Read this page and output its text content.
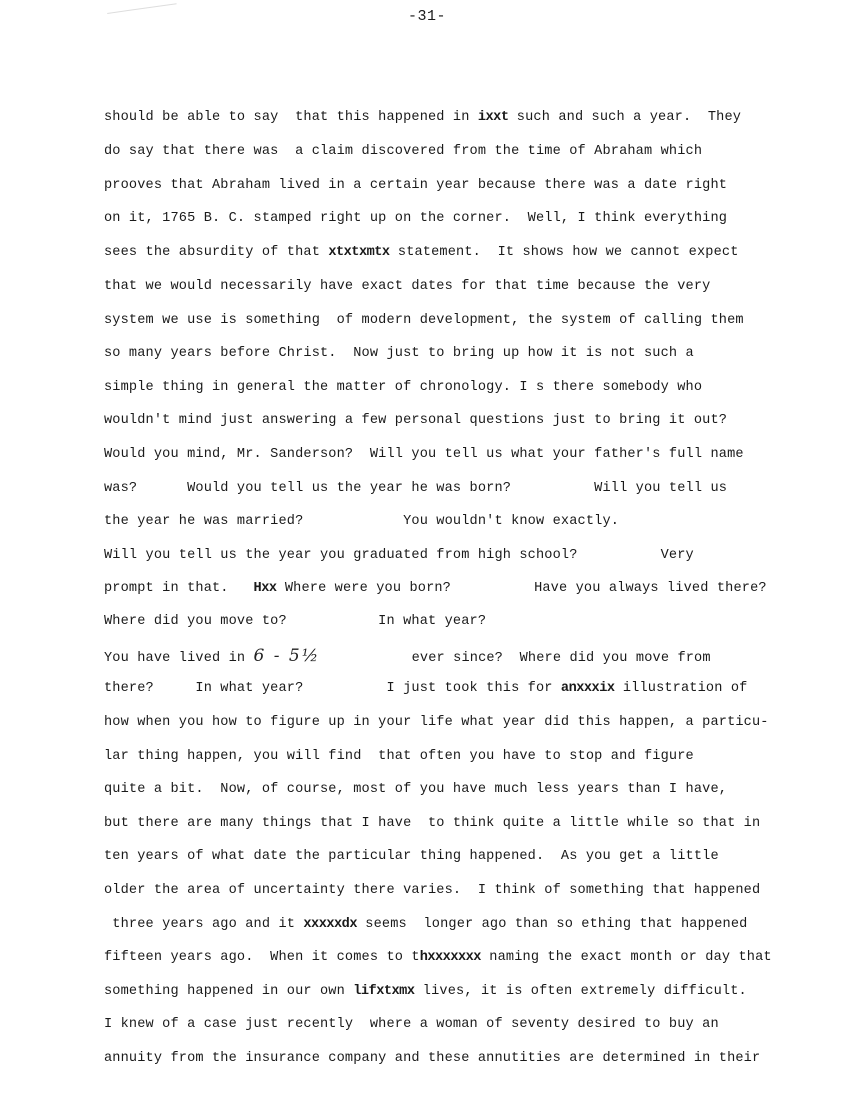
-31-
should be able to say  that this happened in ixxt such and such a year.  They
do say that there was  a claim discovered from the time of Abraham which
prooves that Abraham lived in a certain year because there was a date right
on it, 1765 B. C. stamped right up on the corner.  Well, I think everything
sees the absurdity of that xtxtxmtx statement.  It shows how we cannot expect
that we would necessarily have exact dates for that time because the very
system we use is something  of modern development, the system of calling them
so many years before Christ.  Now just to bring up how it is not such a
simple thing in general the matter of chronology. I s there somebody who
wouldn't mind just answering a few personal questions just to bring it out?
Would you mind, Mr. Sanderson?  Will you tell us what your father's full name
was?      Would you tell us the year he was born?          Will you tell us
the year he was married?            You wouldn't know exactly.
Will you tell us the year you graduated from high school?          Very
prompt in that.   Hxx Where were you born?          Have you always lived there?
Where did you move to?           In what year?
You have lived in 6 - 5½           ever since?  Where did you move from
there?     In what year?          I just took this for anxxxix illustration of
how when you how to figure up in your life what year did this happen, a particu-
lar thing happen, you will find  that often you have to stop and figure
quite a bit.  Now, of course, most of you have much less years than I have,
but there are many things that I have  to think quite a little while so that in
ten years of what date the particular thing happened.  As you get a little
older the area of uncertainty there varies.  I think of something that happened
three years ago and it xxxxxdx seems  longer ago than so ething that happened
fifteen years ago.  When it comes to thxxxxxxx naming the exact month or day that
something happened in our own lifxtxmx lives, it is often extremely difficult.
I knew of a case just recently  where a woman of seventy desired to buy an
annuity from the insurance company and these annutities are determined in their
